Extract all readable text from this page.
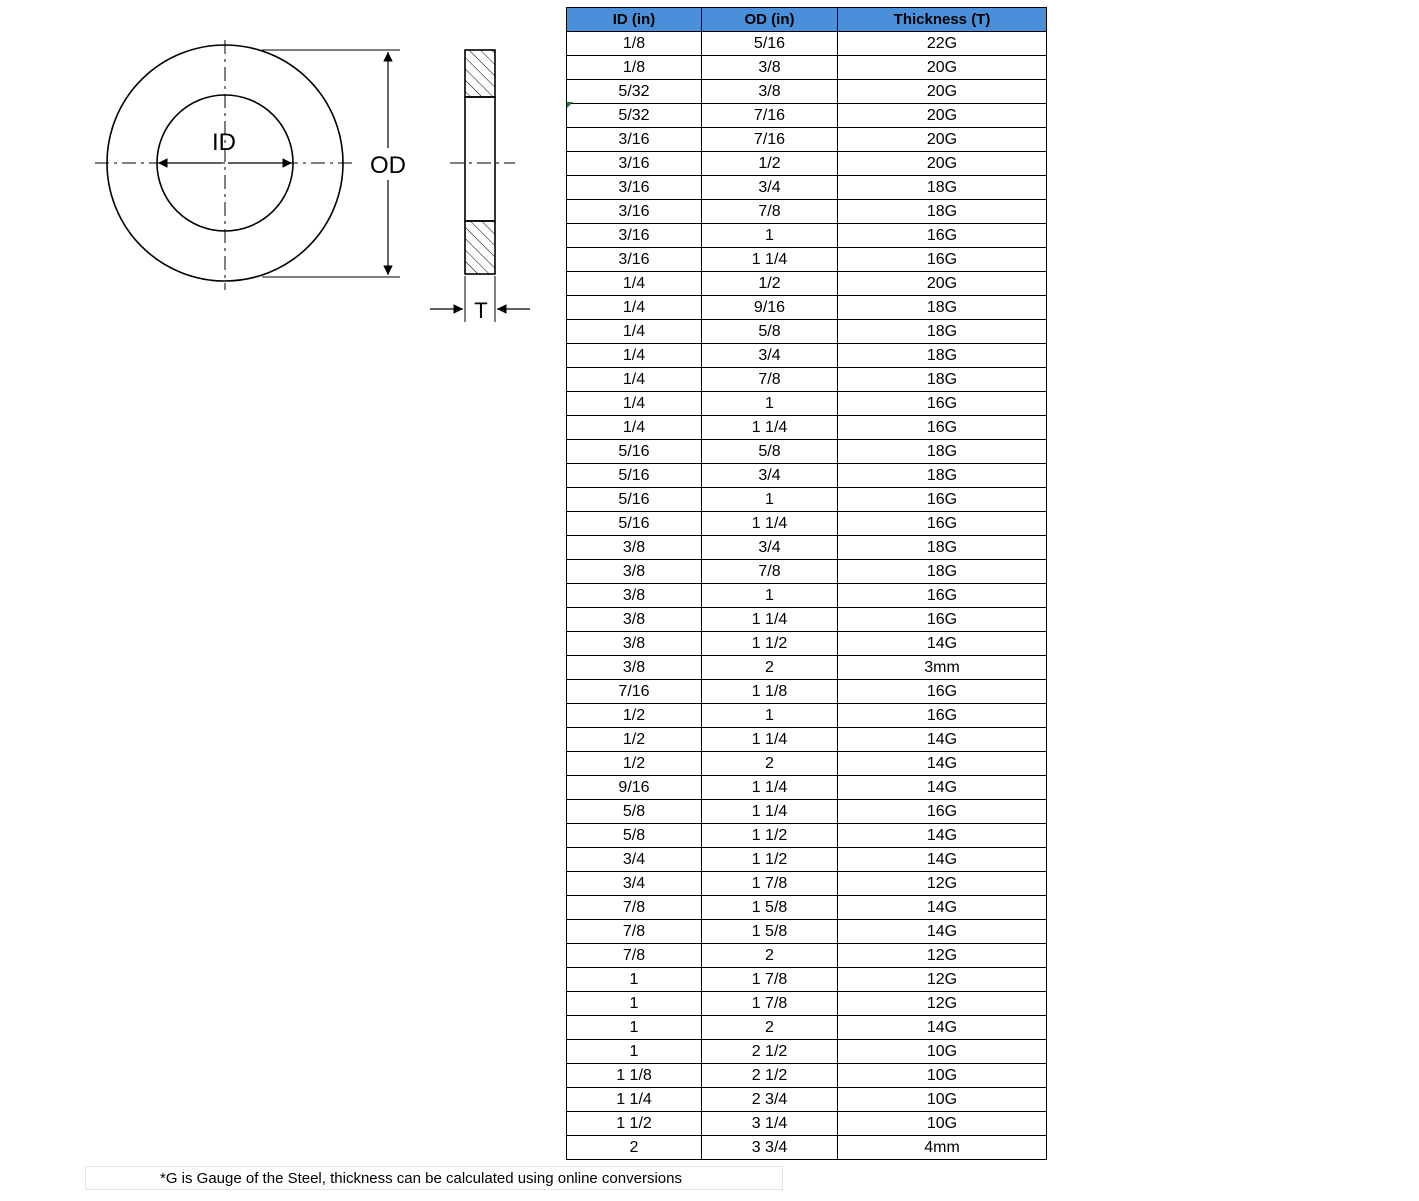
ID
OD
T
ID (in)	OD (in)	Thickness (T)
1/8	5/16	22G
1/8	3/8	20G
5/32	3/8	20G
5/32	7/16	20G
3/16	7/16	20G
3/16	1/2	20G
3/16	3/4	18G
3/16	7/8	18G
3/16	1	16G
3/16	1 1/4	16G
1/4	1/2	20G
1/4	9/16	18G
1/4	5/8	18G
1/4	3/4	18G
1/4	7/8	18G
1/4	1	16G
1/4	1 1/4	16G
5/16	5/8	18G
5/16	3/4	18G
5/16	1	16G
5/16	1 1/4	16G
3/8	3/4	18G
3/8	7/8	18G
3/8	1	16G
3/8	1 1/4	16G
3/8	1 1/2	14G
3/8	2	3mm
7/16	1 1/8	16G
1/2	1	16G
1/2	1 1/4	14G
1/2	2	14G
9/16	1 1/4	14G
5/8	1 1/4	16G
5/8	1 1/2	14G
3/4	1 1/2	14G
3/4	1 7/8	12G
7/8	1 5/8	14G
7/8	1 5/8	14G
7/8	2	12G
1	1 7/8	12G
1	1 7/8	12G
1	2	14G
1	2 1/2	10G
1 1/8	2 1/2	10G
1 1/4	2 3/4	10G
1 1/2	3 1/4	10G
2	3 3/4	4mm
*G is Gauge of the Steel, thickness can be calculated using online conversions
